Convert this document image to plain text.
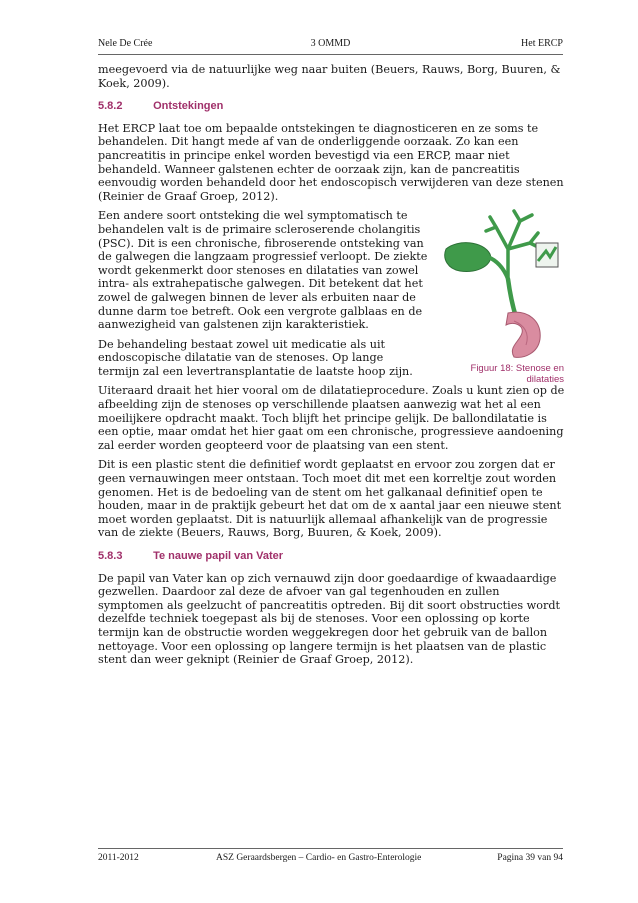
Nele De Crée	3 OMMD	Het ERCP

meegevoerd via de natuurlijke weg naar buiten (Beuers, Rauws, Borg, Buuren, & Koek, 2009).

5.8.2	Ontstekingen

Het ERCP laat toe om bepaalde ontstekingen te diagnosticeren en ze soms te behandelen. Dit hangt mede af van de onderliggende oorzaak. Zo kan een pancreatitis in principe enkel worden bevestigd via een ERCP, maar niet behandeld. Wanneer galstenen echter de oorzaak zijn, kan de pancreatitis eenvoudig worden behandeld door het endoscopisch verwijderen van deze stenen (Reinier de Graaf Groep, 2012).

Een andere soort ontsteking die wel symptomatisch te behandelen valt is de primaire scleroserende cholangitis (PSC). Dit is een chronische, fibroserende ontsteking van de galwegen die langzaam progressief verloopt. De ziekte wordt gekenmerkt door stenoses en dilataties van zowel intra- als extrahepatische galwegen. Dit betekent dat het zowel de galwegen binnen de lever als erbuiten naar de dunne darm toe betreft. Ook een vergrote galblaas en de aanwezigheid van galstenen zijn karakteristiek.

De behandeling bestaat zowel uit medicatie als uit endoscopische dilatatie van de stenoses. Op lange termijn zal een levertransplantatie de laatste hoop zijn.	Figuur 18: Stenose en dilataties

Uiteraard draait het hier vooral om de dilatatieprocedure. Zoals u kunt zien op de afbeelding zijn de stenoses op verschillende plaatsen aanwezig wat het al een moeilijkere opdracht maakt. Toch blijft het principe gelijk. De ballondilatatie is een optie, maar omdat het hier gaat om een chronische, progressieve aandoening zal eerder worden geopteerd voor de plaatsing van een stent.

Dit is een plastic stent die definitief wordt geplaatst en ervoor zou zorgen dat er geen vernauwingen meer ontstaan. Toch moet dit met een korreltje zout worden genomen. Het is de bedoeling van de stent om het galkanaal definitief open te houden, maar in de praktijk gebeurt het dat om de x aantal jaar een nieuwe stent moet worden geplaatst. Dit is natuurlijk allemaal afhankelijk van de progressie van de ziekte (Beuers, Rauws, Borg, Buuren, & Koek, 2009).

5.8.3	Te nauwe papil van Vater

De papil van Vater kan op zich vernauwd zijn door goedaardige of kwaadaardige gezwellen. Daardoor zal deze de afvoer van gal tegenhouden en zullen symptomen als geelzucht of pancreatitis optreden. Bij dit soort obstructies wordt dezelfde techniek toegepast als bij de stenoses. Voor een oplossing op korte termijn kan de obstructie worden weggekregen door het gebruik van de ballon nettoyage. Voor een oplossing op langere termijn is het plaatsen van de plastic stent dan weer geknipt (Reinier de Graaf Groep, 2012).

2011-2012	ASZ Geraardsbergen – Cardio- en Gastro-Enterologie	Pagina 39 van 94
